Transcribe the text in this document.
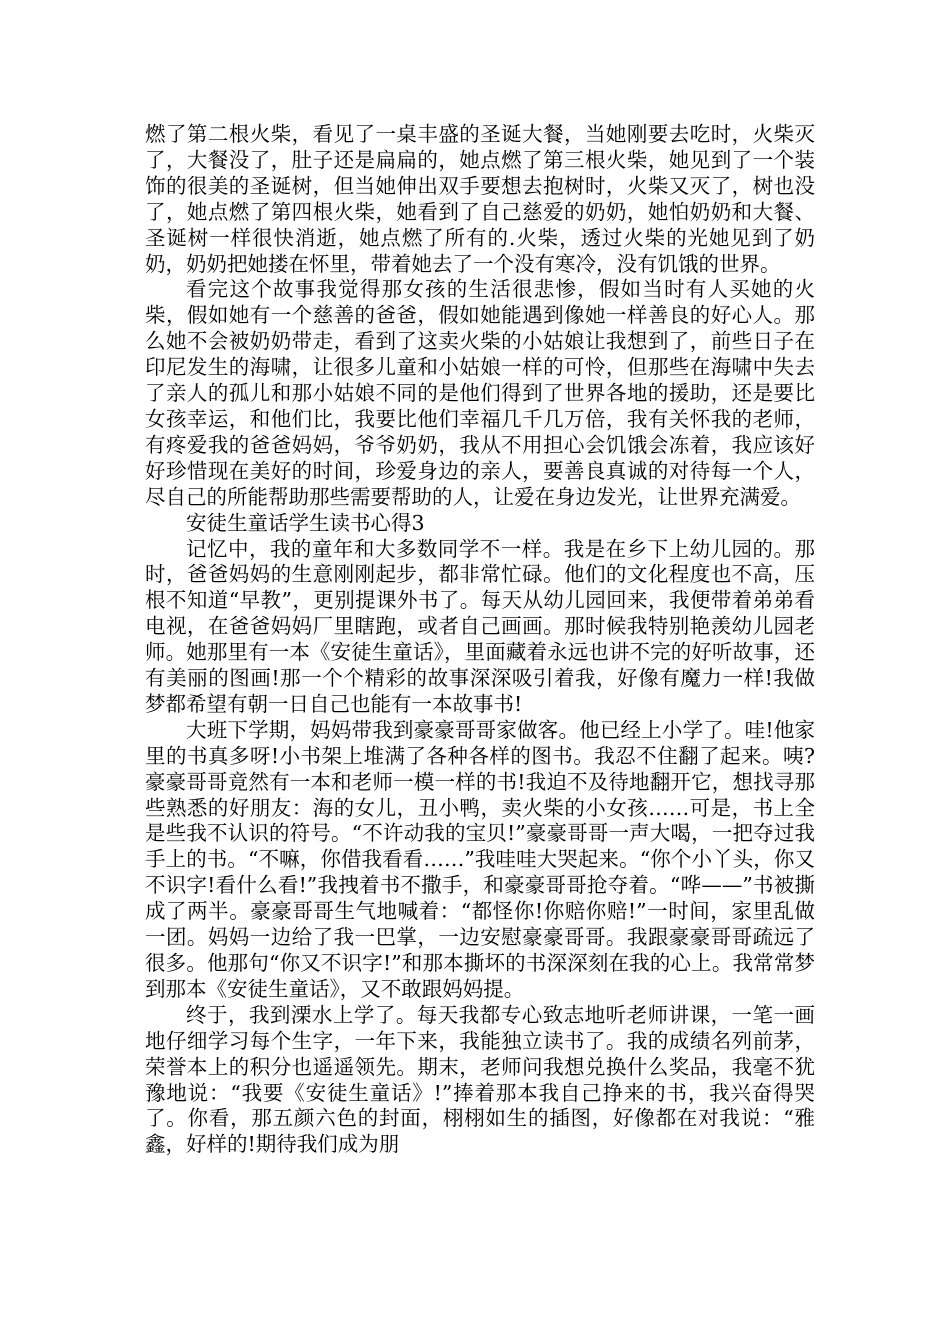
燃了第二根火柴，看见了一桌丰盛的圣诞大餐，当她刚要去吃时，火柴灭了，大餐没了，肚子还是扁扁的，她点燃了第三根火柴，她见到了一个装饰的很美的圣诞树，但当她伸出双手要想去抱树时，火柴又灭了，树也没了，她点燃了第四根火柴，她看到了自己慈爱的奶奶，她怕奶奶和大餐、圣诞树一样很快消逝，她点燃了所有的.火柴，透过火柴的光她见到了奶奶，奶奶把她搂在怀里，带着她去了一个没有寒冷，没有饥饿的世界。

看完这个故事我觉得那女孩的生活很悲惨，假如当时有人买她的火柴，假如她有一个慈善的爸爸，假如她能遇到像她一样善良的好心人。那么她不会被奶奶带走，看到了这卖火柴的小姑娘让我想到了，前些日子在印尼发生的海啸，让很多儿童和小姑娘一样的可怜，但那些在海啸中失去了亲人的孤儿和那小姑娘不同的是他们得到了世界各地的援助，还是要比女孩幸运，和他们比，我要比他们幸福几千几万倍，我有关怀我的老师，有疼爱我的爸爸妈妈，爷爷奶奶，我从不用担心会饥饿会冻着，我应该好好珍惜现在美好的时间，珍爱身边的亲人，要善良真诚的对待每一个人，尽自己的所能帮助那些需要帮助的人，让爱在身边发光，让世界充满爱。

安徒生童话学生读书心得3

记忆中，我的童年和大多数同学不一样。我是在乡下上幼儿园的。那时，爸爸妈妈的生意刚刚起步，都非常忙碌。他们的文化程度也不高，压根不知道“早教”，更别提课外书了。每天从幼儿园回来，我便带着弟弟看电视，在爸爸妈妈厂里瞎跑，或者自己画画。那时候我特别艳羡幼儿园老师。她那里有一本《安徒生童话》，里面藏着永远也讲不完的好听故事，还有美丽的图画!那一个个精彩的故事深深吸引着我，好像有魔力一样!我做梦都希望有朝一日自己也能有一本故事书!

大班下学期，妈妈带我到豪豪哥哥家做客。他已经上小学了。哇!他家里的书真多呀!小书架上堆满了各种各样的图书。我忍不住翻了起来。咦?豪豪哥哥竟然有一本和老师一模一样的书!我迫不及待地翻开它，想找寻那些熟悉的好朋友：海的女儿，丑小鸭，卖火柴的小女孩……可是，书上全是些我不认识的符号。“不许动我的宝贝!”豪豪哥哥一声大喝，一把夺过我手上的书。“不嘛，你借我看看……”我哇哇大哭起来。“你个小丫头，你又不识字!看什么看!”我拽着书不撒手，和豪豪哥哥抢夺着。“哗——”书被撕成了两半。豪豪哥哥生气地喊着：“都怪你!你赔你赔!”一时间，家里乱做一团。妈妈一边给了我一巴掌，一边安慰豪豪哥哥。我跟豪豪哥哥疏远了很多。他那句“你又不识字!”和那本撕坏的书深深刻在我的心上。我常常梦到那本《安徒生童话》，又不敢跟妈妈提。

终于，我到溧水上学了。每天我都专心致志地听老师讲课，一笔一画地仔细学习每个生字，一年下来，我能独立读书了。我的成绩名列前茅，荣誉本上的积分也遥遥领先。期末，老师问我想兑换什么奖品，我毫不犹豫地说：“我要《安徒生童话》!”捧着那本我自己挣来的书，我兴奋得哭了。你看，那五颜六色的封面，栩栩如生的插图，好像都在对我说：“雅鑫，好样的!期待我们成为朋
